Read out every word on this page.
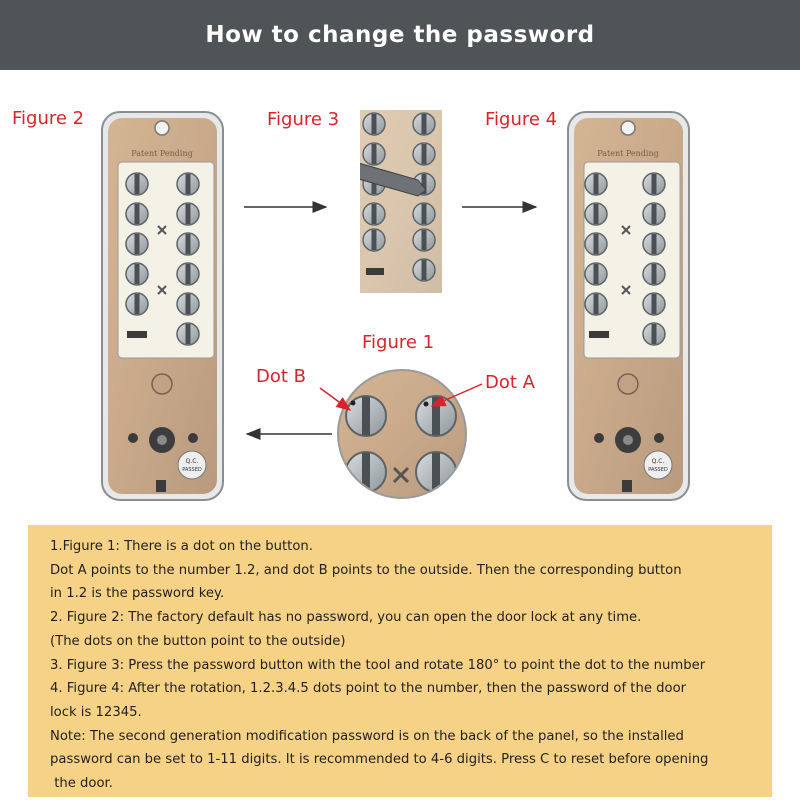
How to change the password
Figure 2	Figure 3	Figure 4
Figure 1
Dot B	Dot A
Patent Pending
Q.C.
PASSED
Patent Pending
Q.C.
PASSED

1.Figure 1: There is a dot on the button.

Dot A points to the number 1.2, and dot B points to the outside. Then the corresponding button

in 1.2 is the password key.

2. Figure 2: The factory default has no password, you can open the door lock at any time.

(The dots on the button point to the outside)

3. Figure 3: Press the password button with the tool and rotate 180° to point the dot to the number

4. Figure 4: After the rotation, 1.2.3.4.5 dots point to the number, then the password of the door

lock is 12345.

Note: The second generation modification password is on the back of the panel, so the installed

password can be set to 1-11 digits. It is recommended to 4-6 digits. Press C to reset before opening

the door.
